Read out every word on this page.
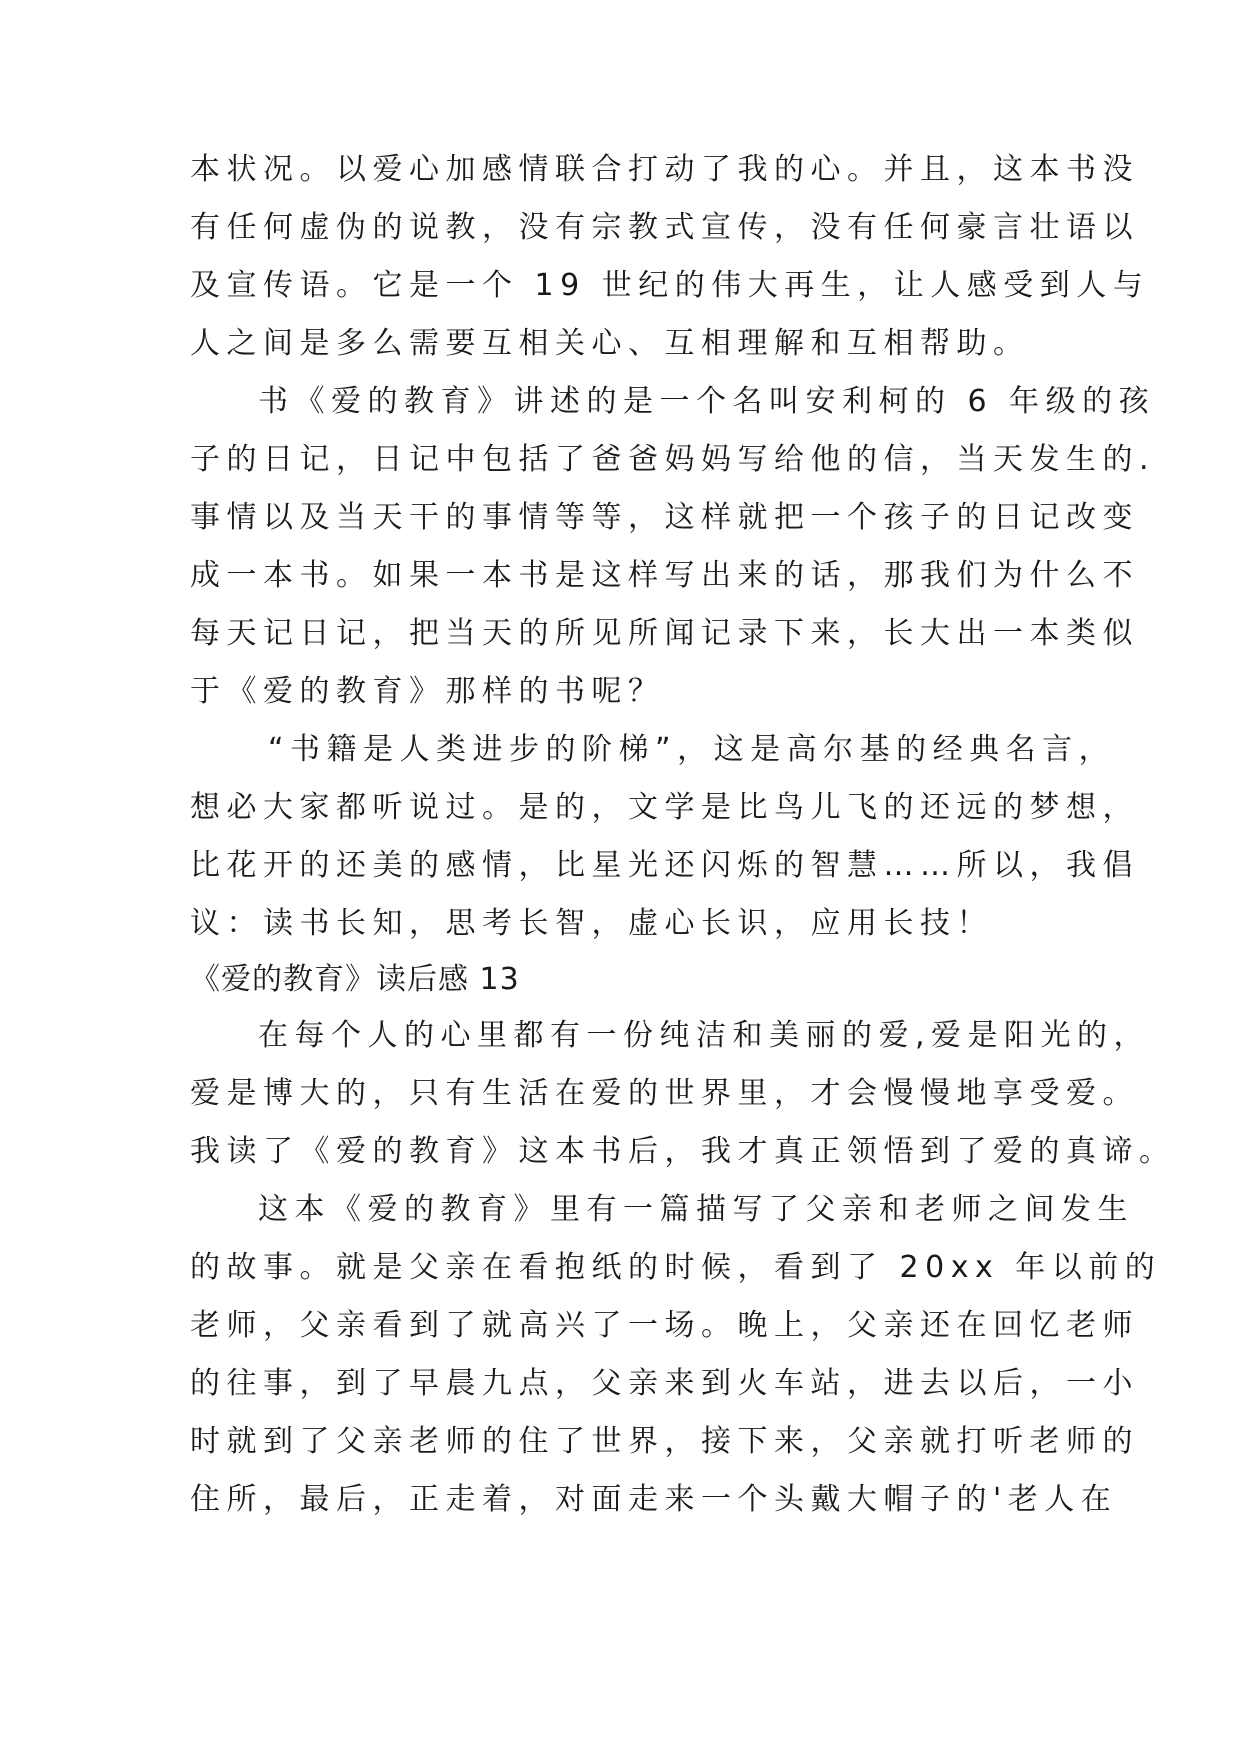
本状况。以爱心加感情联合打动了我的心。并且，这本书没
有任何虚伪的说教，没有宗教式宣传，没有任何豪言壮语以
及宣传语。它是一个 19 世纪的伟大再生，让人感受到人与
人之间是多么需要互相关心、互相理解和互相帮助。
书《爱的教育》讲述的是一个名叫安利柯的 6 年级的孩
子的日记，日记中包括了爸爸妈妈写给他的信，当天发生的.
事情以及当天干的事情等等，这样就把一个孩子的日记改变
成一本书。如果一本书是这样写出来的话，那我们为什么不
每天记日记，把当天的所见所闻记录下来，长大出一本类似
于《爱的教育》那样的书呢？
“书籍是人类进步的阶梯”，这是高尔基的经典名言，
想必大家都听说过。是的，文学是比鸟儿飞的还远的梦想，
比花开的还美的感情，比星光还闪烁的智慧……所以，我倡
议：读书长知，思考长智，虚心长识，应用长技！
《爱的教育》读后感 13
在每个人的心里都有一份纯洁和美丽的爱,爱是阳光的，
爱是博大的，只有生活在爱的世界里，才会慢慢地享受爱。
我读了《爱的教育》这本书后，我才真正领悟到了爱的真谛。
这本《爱的教育》里有一篇描写了父亲和老师之间发生
的故事。就是父亲在看抱纸的时候，看到了 20xx 年以前的
老师，父亲看到了就高兴了一场。晚上，父亲还在回忆老师
的往事，到了早晨九点，父亲来到火车站，进去以后，一小
时就到了父亲老师的住了世界，接下来，父亲就打听老师的
住所，最后，正走着，对面走来一个头戴大帽子的'老人在
